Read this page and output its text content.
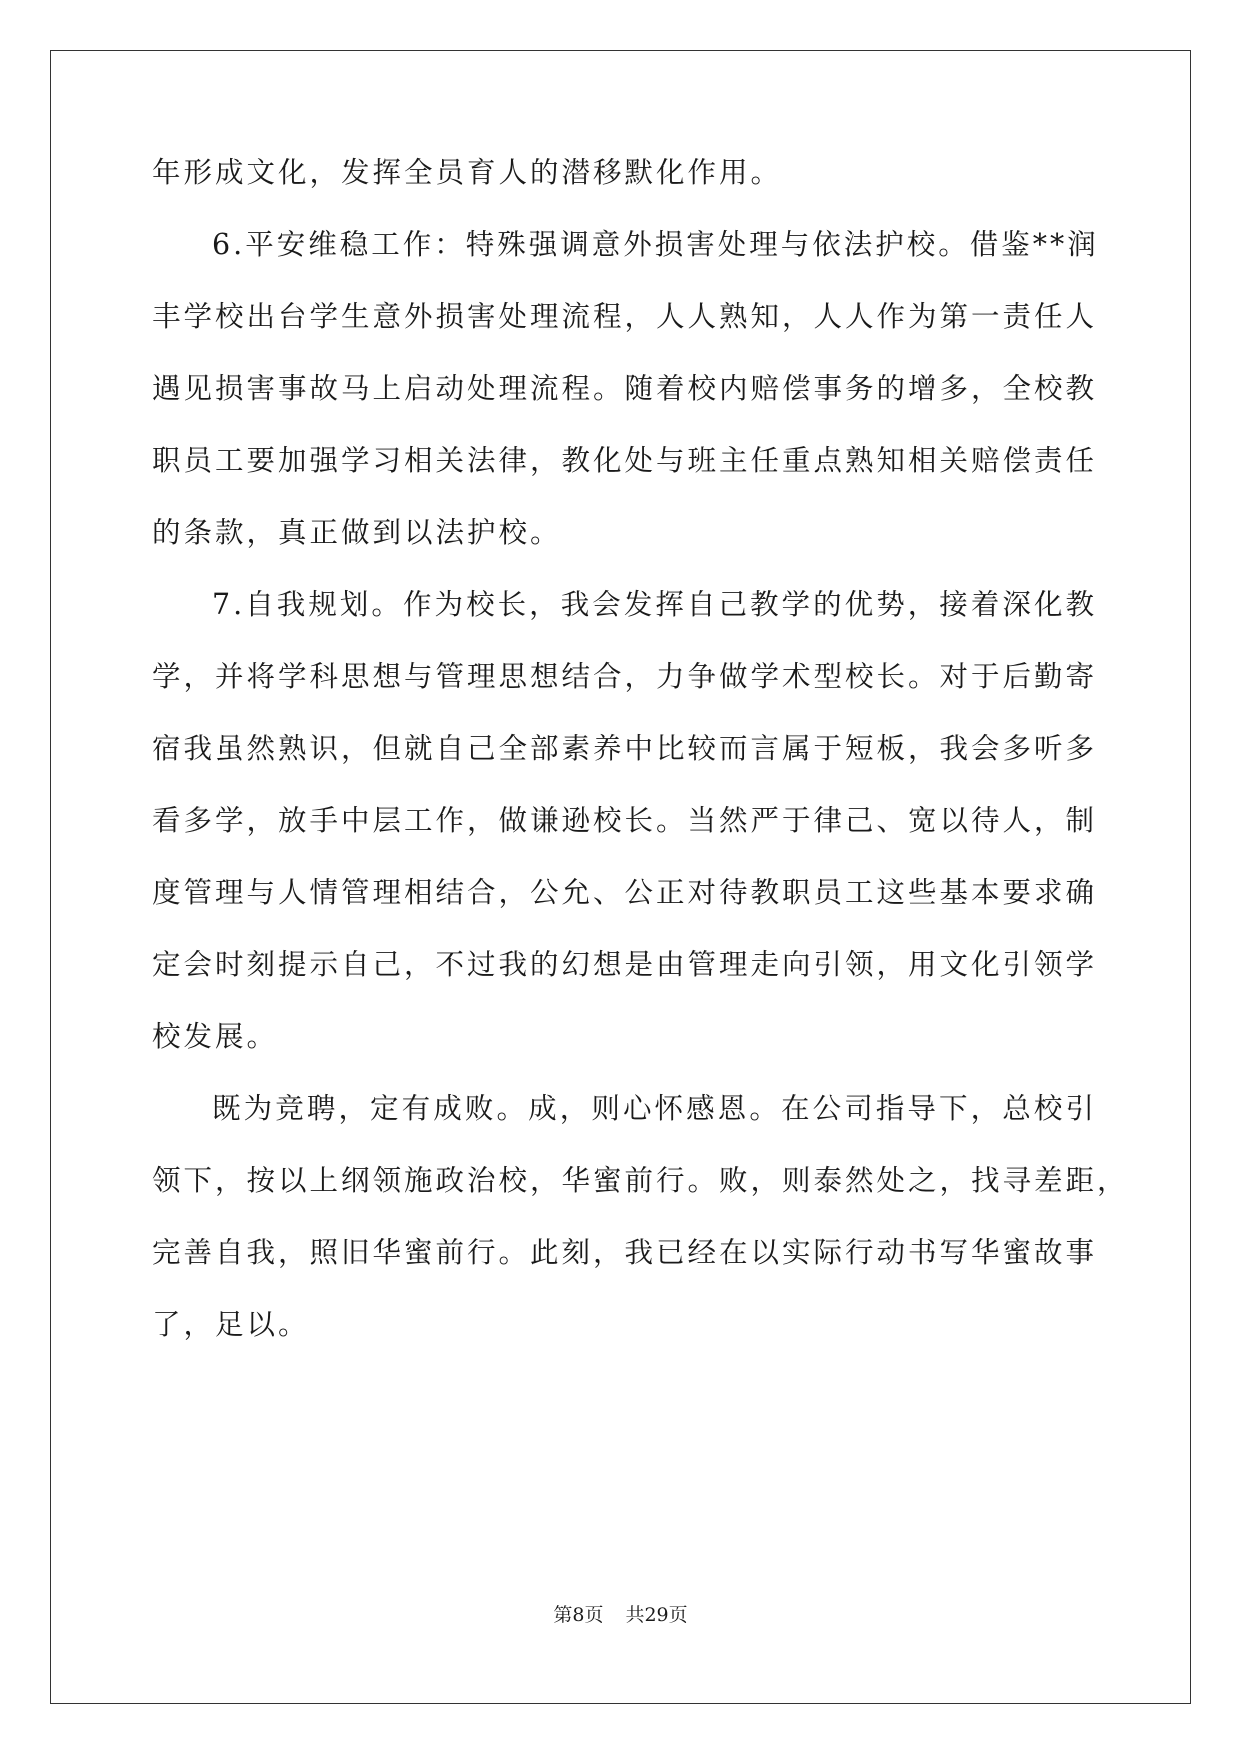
年形成文化，发挥全员育人的潜移默化作用。
6.平安维稳工作：特殊强调意外损害处理与依法护校。借鉴**润
丰学校出台学生意外损害处理流程，人人熟知，人人作为第一责任人
遇见损害事故马上启动处理流程。随着校内赔偿事务的增多，全校教
职员工要加强学习相关法律，教化处与班主任重点熟知相关赔偿责任
的条款，真正做到以法护校。
7.自我规划。作为校长，我会发挥自己教学的优势，接着深化教
学，并将学科思想与管理思想结合，力争做学术型校长。对于后勤寄
宿我虽然熟识，但就自己全部素养中比较而言属于短板，我会多听多
看多学，放手中层工作，做谦逊校长。当然严于律己、宽以待人，制
度管理与人情管理相结合，公允、公正对待教职员工这些基本要求确
定会时刻提示自己，不过我的幻想是由管理走向引领，用文化引领学
校发展。
既为竞聘，定有成败。成，则心怀感恩。在公司指导下，总校引
领下，按以上纲领施政治校，华蜜前行。败，则泰然处之，找寻差距，
完善自我，照旧华蜜前行。此刻，我已经在以实际行动书写华蜜故事
了，足以。
第8页 共29页
